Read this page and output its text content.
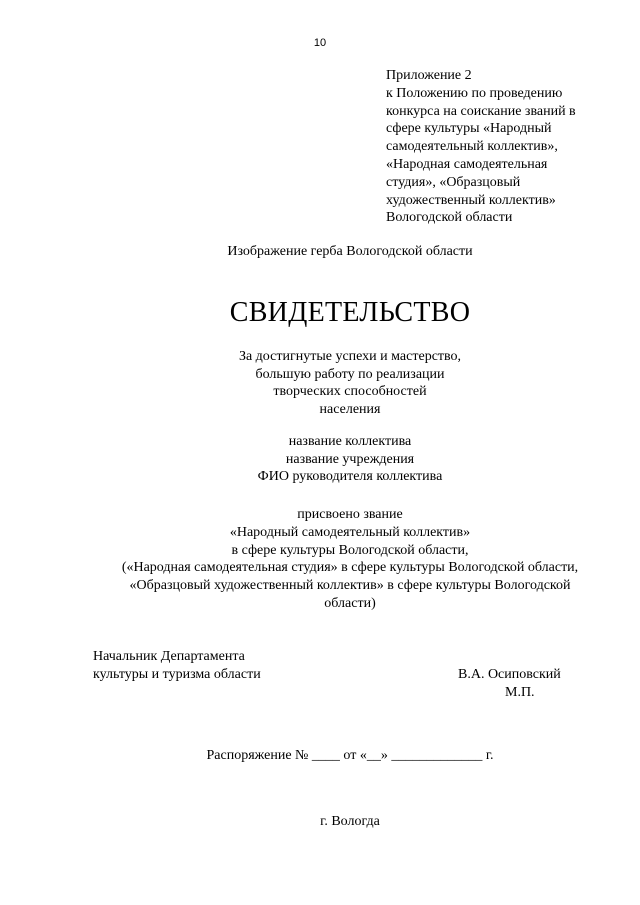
10
Приложение 2
к Положению по проведению
конкурса на соискание званий в
сфере культуры «Народный
самодеятельный коллектив»,
«Народная самодеятельная
студия», «Образцовый
художественный коллектив»
Вологодской области
Изображение герба Вологодской области
СВИДЕТЕЛЬСТВО
За достигнутые успехи и мастерство,
большую работу по реализации
творческих способностей
населения
название коллектива
название учреждения
ФИО руководителя коллектива
присвоено звание
«Народный самодеятельный коллектив»
в сфере культуры Вологодской области,
(«Народная самодеятельная студия» в сфере культуры Вологодской области,
«Образцовый художественный коллектив» в сфере культуры Вологодской
области)
Начальник Департамента
культуры и туризма области	В.А. Осиповский
М.П.
Распоряжение № ____ от «__» _____________ г.
г. Вологда
